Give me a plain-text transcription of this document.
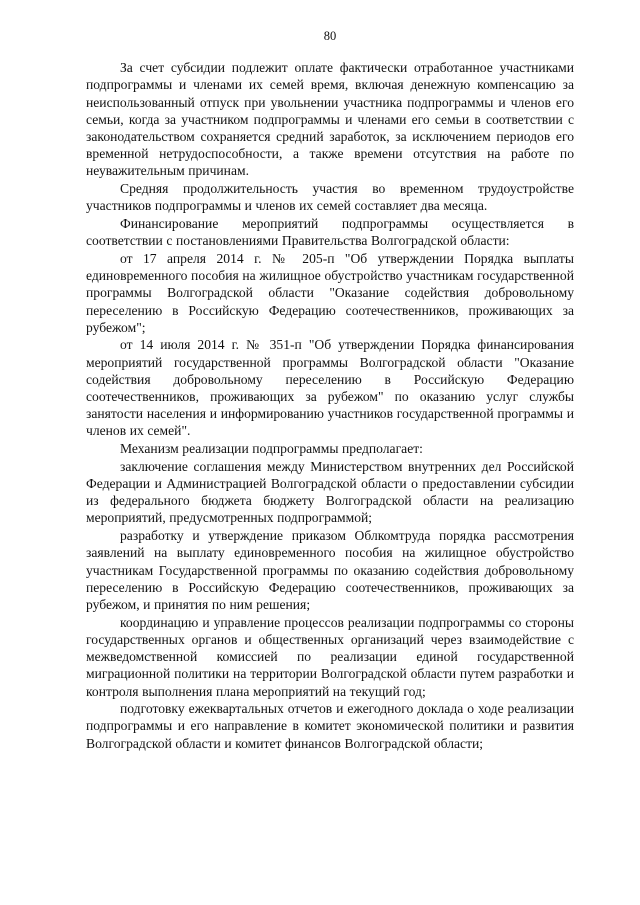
80

За счет субсидии подлежит оплате фактически отработанное участниками подпрограммы и членами их семей время, включая денежную компенсацию за неиспользованный отпуск при увольнении участника подпрограммы и членов его семьи, когда за участником подпрограммы и членами его семьи в соответствии с законодательством сохраняется средний заработок, за исключением периодов его временной нетрудоспособности, а также времени отсутствия на работе по неуважительным причинам.

Средняя продолжительность участия во временном трудоустройстве участников подпрограммы и членов их семей составляет два месяца.

Финансирование мероприятий подпрограммы осуществляется в соответствии с постановлениями Правительства Волгоградской области:

от 17 апреля 2014 г. № 205-п "Об утверждении Порядка выплаты единовременного пособия на жилищное обустройство участникам государственной программы Волгоградской области "Оказание содействия добровольному переселению в Российскую Федерацию соотечественников, проживающих за рубежом";

от 14 июля 2014 г. № 351-п "Об утверждении Порядка финансирования мероприятий государственной программы Волгоградской области "Оказание содействия добровольному переселению в Российскую Федерацию соотечественников, проживающих за рубежом" по оказанию услуг службы занятости населения и информированию участников государственной программы и членов их семей".

Механизм реализации подпрограммы предполагает:

заключение соглашения между Министерством внутренних дел Российской Федерации и Администрацией Волгоградской области о предоставлении субсидии из федерального бюджета бюджету Волгоградской области на реализацию мероприятий, предусмотренных подпрограммой;

разработку и утверждение приказом Облкомтруда порядка рассмотрения заявлений на выплату единовременного пособия на жилищное обустройство участникам Государственной программы по оказанию содействия добровольному переселению в Российскую Федерацию соотечественников, проживающих за рубежом, и принятия по ним решения;

координацию и управление процессов реализации подпрограммы со стороны государственных органов и общественных организаций через взаимодействие с межведомственной комиссией по реализации единой государственной миграционной политики на территории Волгоградской области путем разработки и контроля выполнения плана мероприятий на текущий год;

подготовку ежеквартальных отчетов и ежегодного доклада о ходе реализации подпрограммы и его направление в комитет экономической политики и развития Волгоградской области и комитет финансов Волгоградской области;
